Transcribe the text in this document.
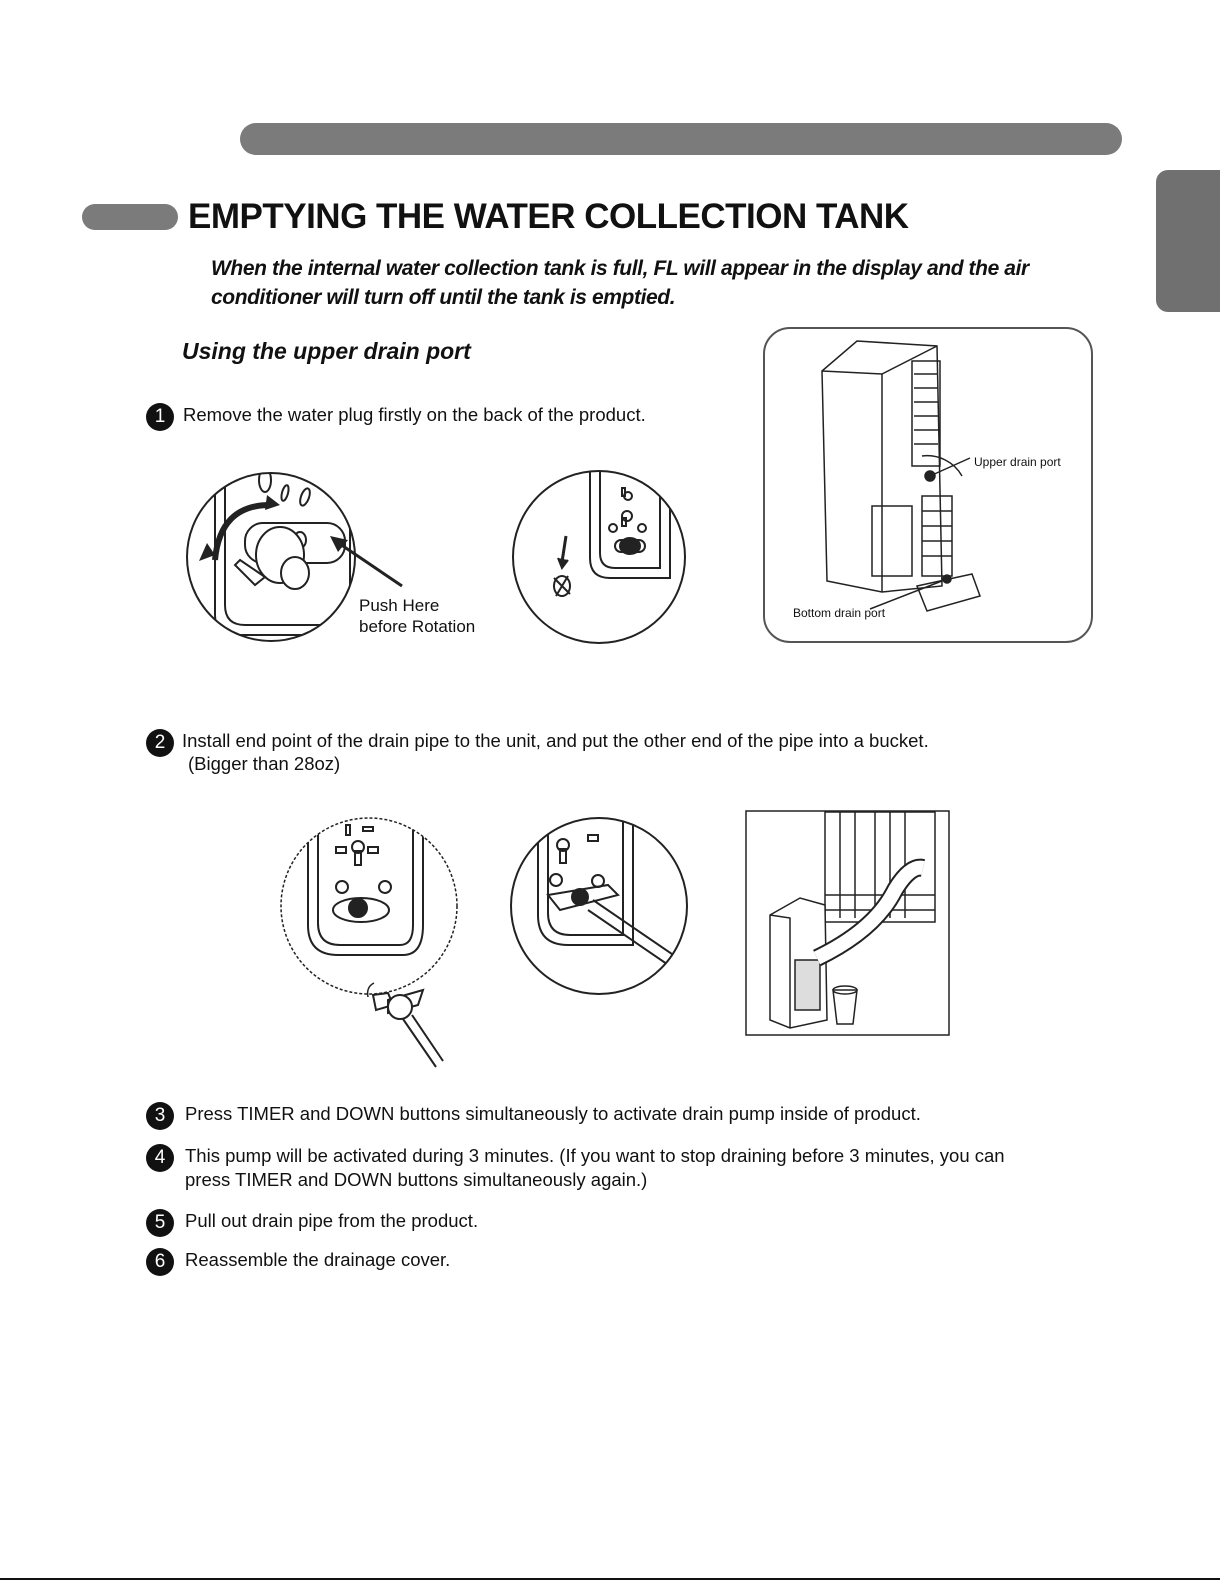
EMPTYING THE WATER COLLECTION TANK
When the internal water collection tank is full, FL will appear in the display and the air
conditioner will turn off until the tank is emptied.
Using the upper drain port
1 Remove the water plug firstly on the back of the product.
Push Here
before Rotation
Upper drain port
Bottom drain port
2 Install end point of the drain pipe to the unit, and put the other end of the pipe into a bucket.
(Bigger than 28oz)
3	Press TIMER and DOWN buttons simultaneously to activate drain pump inside of product.
4	This pump will be activated during 3 minutes. (If you want to stop draining before 3 minutes, you can
press TIMER and DOWN buttons simultaneously again.)
5	Pull out drain pipe from the product.
6	Reassemble the drainage cover.
